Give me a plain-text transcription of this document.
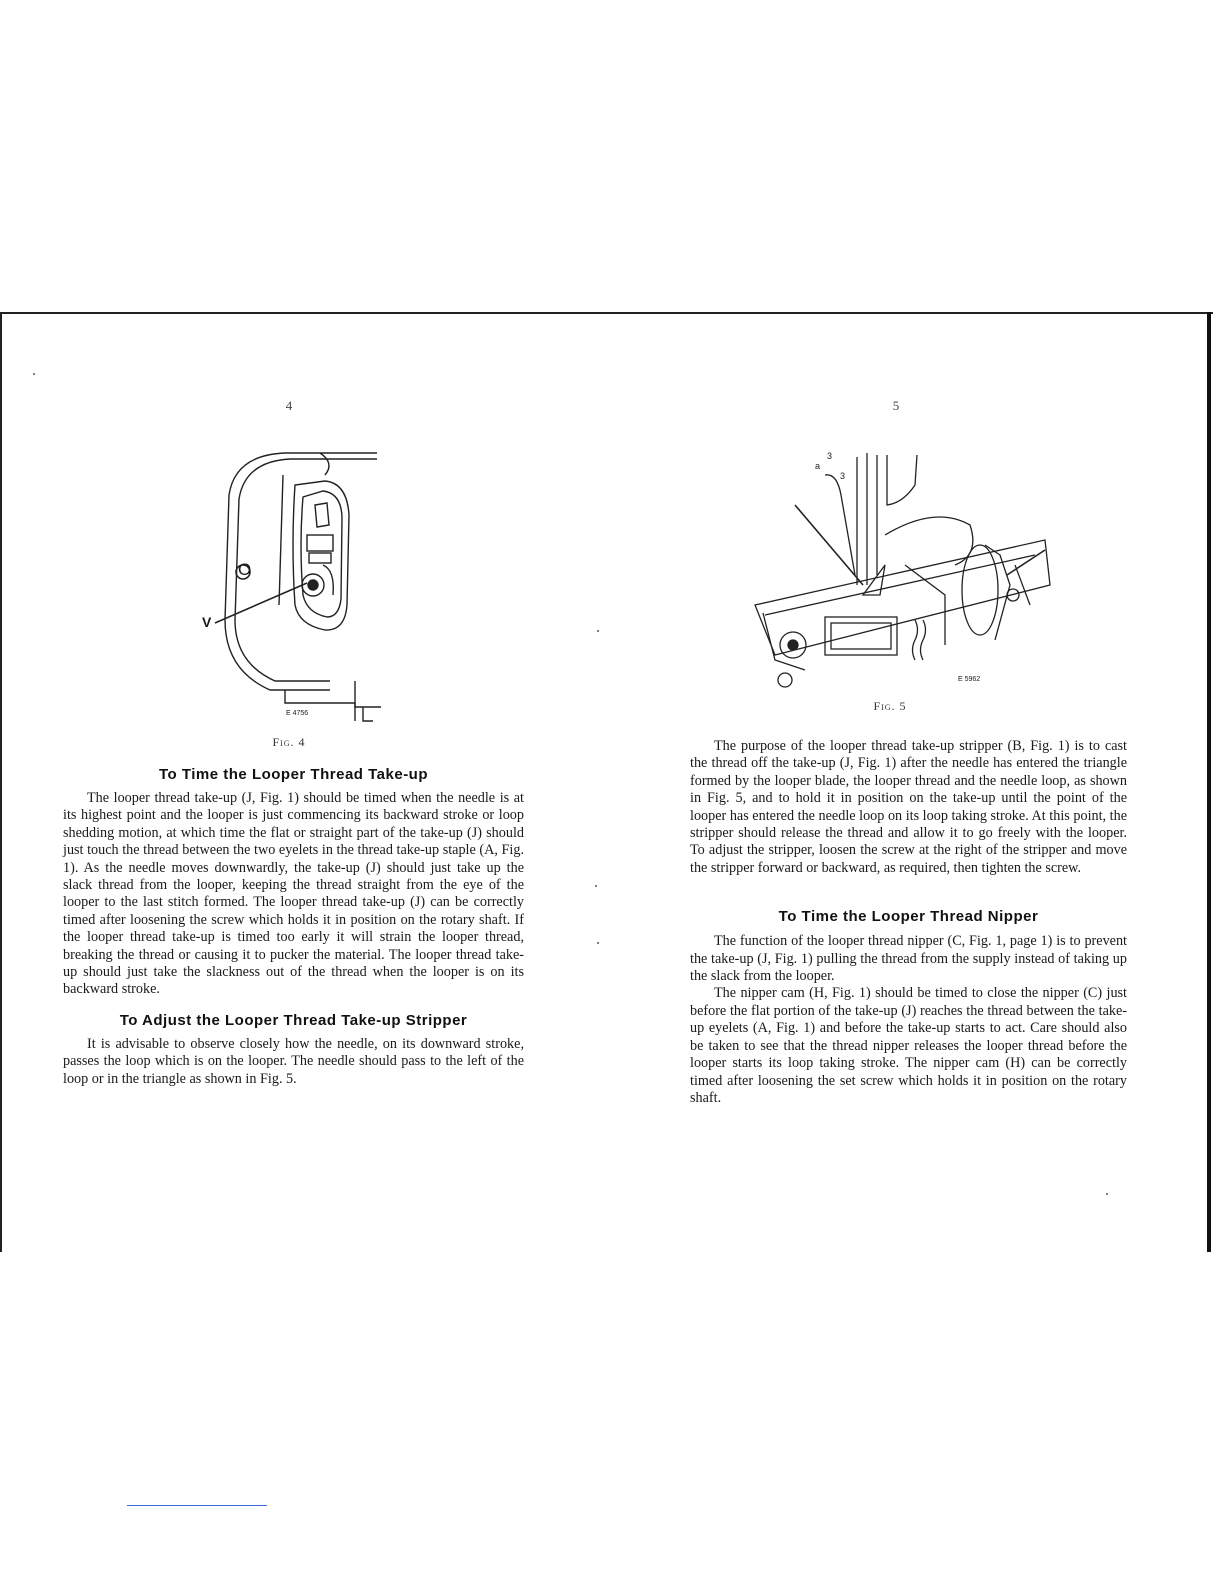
4
O
V
E 4756
Fig. 4
To Time the Looper Thread Take-up

The looper thread take-up (J, Fig. 1) should be timed when the needle is at its highest point and the looper is just commencing its backward stroke or loop shedding motion, at which time the flat or straight part of the take-up (J) should just touch the thread between the two eyelets in the thread take-up staple (A, Fig. 1). As the needle moves downwardly, the take-up (J) should just take up the slack thread from the looper, keeping the thread straight from the eye of the looper to the last stitch formed. The looper thread take-up (J) can be correctly timed after loosening the screw which holds it in position on the rotary shaft. If the looper thread take-up is timed too early it will strain the looper thread, breaking the thread or causing it to pucker the material. The looper thread take-up should just take the slackness out of the thread when the looper is on its backward stroke.

To Adjust the Looper Thread Take-up Stripper

It is advisable to observe closely how the needle, on its downward stroke, passes the loop which is on the looper. The needle should pass to the left of the loop or in the triangle as shown in Fig. 5.

5
a
3
3
E 5962
Fig. 5

The purpose of the looper thread take-up stripper (B, Fig. 1) is to cast the thread off the take-up (J, Fig. 1) after the needle has entered the triangle formed by the looper blade, the looper thread and the needle loop, as shown in Fig. 5, and to hold it in position on the take-up until the point of the looper has entered the needle loop on its loop taking stroke. At this point, the stripper should release the thread and allow it to go freely with the looper. To adjust the stripper, loosen the screw at the right of the stripper and move the stripper forward or backward, as required, then tighten the screw.

To Time the Looper Thread Nipper

The function of the looper thread nipper (C, Fig. 1, page 1) is to prevent the take-up (J, Fig. 1) pulling the thread from the supply instead of taking up the slack from the looper.

The nipper cam (H, Fig. 1) should be timed to close the nipper (C) just before the flat portion of the take-up (J) reaches the thread between the take-up eyelets (A, Fig. 1) and before the take-up starts to act. Care should also be taken to see that the thread nipper releases the looper thread before the looper starts its loop taking stroke. The nipper cam (H) can be correctly timed after loosening the set screw which holds it in position on the rotary shaft.
